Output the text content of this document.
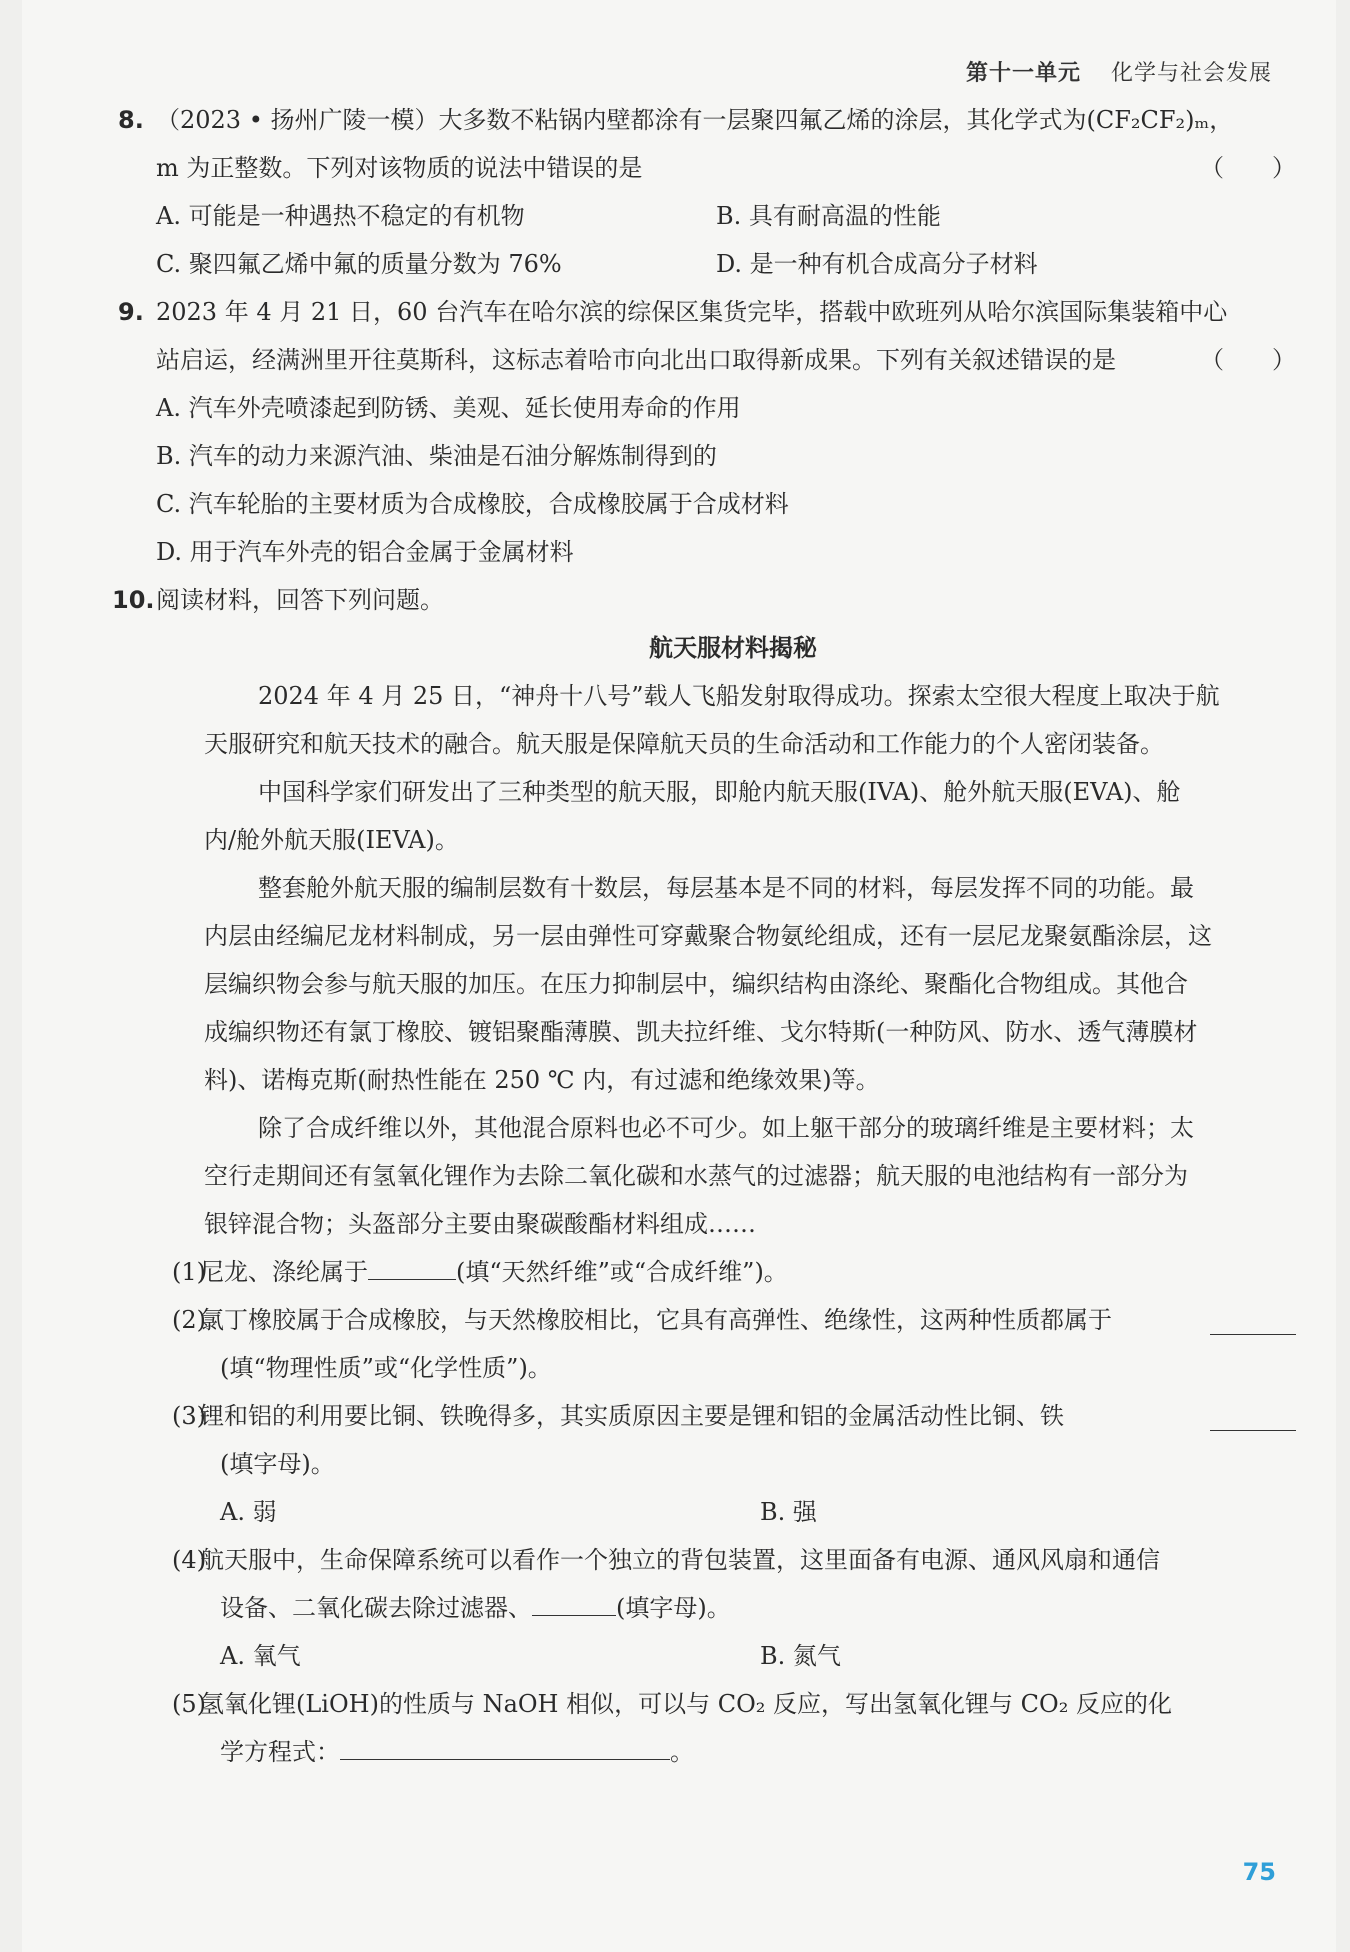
第十一单元 化学与社会发展
8. （2023 • 扬州广陵一模）大多数不粘锅内壁都涂有一层聚四氟乙烯的涂层，其化学式为(CF₂CF₂)ₘ，
m 为正整数。下列对该物质的说法中错误的是	（　　）
A. 可能是一种遇热不稳定的有机物	B. 具有耐高温的性能
C. 聚四氟乙烯中氟的质量分数为 76%	D. 是一种有机合成高分子材料
9. 2023 年 4 月 21 日，60 台汽车在哈尔滨的综保区集货完毕，搭载中欧班列从哈尔滨国际集装箱中心
站启运，经满洲里开往莫斯科，这标志着哈市向北出口取得新成果。下列有关叙述错误的是	（　　）
A. 汽车外壳喷漆起到防锈、美观、延长使用寿命的作用
B. 汽车的动力来源汽油、柴油是石油分解炼制得到的
C. 汽车轮胎的主要材质为合成橡胶，合成橡胶属于合成材料
D. 用于汽车外壳的铝合金属于金属材料
10. 阅读材料，回答下列问题。
航天服材料揭秘
2024 年 4 月 25 日，“神舟十八号”载人飞船发射取得成功。探索太空很大程度上取决于航
天服研究和航天技术的融合。航天服是保障航天员的生命活动和工作能力的个人密闭装备。
中国科学家们研发出了三种类型的航天服，即舱内航天服(IVA)、舱外航天服(EVA)、舱
内/舱外航天服(IEVA)。
整套舱外航天服的编制层数有十数层，每层基本是不同的材料，每层发挥不同的功能。最
内层由经编尼龙材料制成，另一层由弹性可穿戴聚合物氨纶组成，还有一层尼龙聚氨酯涂层，这
层编织物会参与航天服的加压。在压力抑制层中，编织结构由涤纶、聚酯化合物组成。其他合
成编织物还有氯丁橡胶、镀铝聚酯薄膜、凯夫拉纤维、戈尔特斯(一种防风、防水、透气薄膜材
料)、诺梅克斯(耐热性能在 250 ℃ 内，有过滤和绝缘效果)等。
除了合成纤维以外，其他混合原料也必不可少。如上躯干部分的玻璃纤维是主要材料；太
空行走期间还有氢氧化锂作为去除二氧化碳和水蒸气的过滤器；航天服的电池结构有一部分为
银锌混合物；头盔部分主要由聚碳酸酯材料组成……
(1)
尼龙、涤纶属于	(填“天然纤维”或“合成纤维”)。
(2)
氯丁橡胶属于合成橡胶，与天然橡胶相比，它具有高弹性、绝缘性，这两种性质都属于
(填“物理性质”或“化学性质”)。
(3)
锂和铝的利用要比铜、铁晚得多，其实质原因主要是锂和铝的金属活动性比铜、铁
(填字母)。
A. 弱	B. 强
(4)
航天服中，生命保障系统可以看作一个独立的背包装置，这里面备有电源、通风风扇和通信
设备、二氧化碳去除过滤器、	(填字母)。
A. 氧气	B. 氮气
(5)
氢氧化锂(LiOH)的性质与 NaOH 相似，可以与 CO₂ 反应，写出氢氧化锂与 CO₂ 反应的化
学方程式：	。
75
